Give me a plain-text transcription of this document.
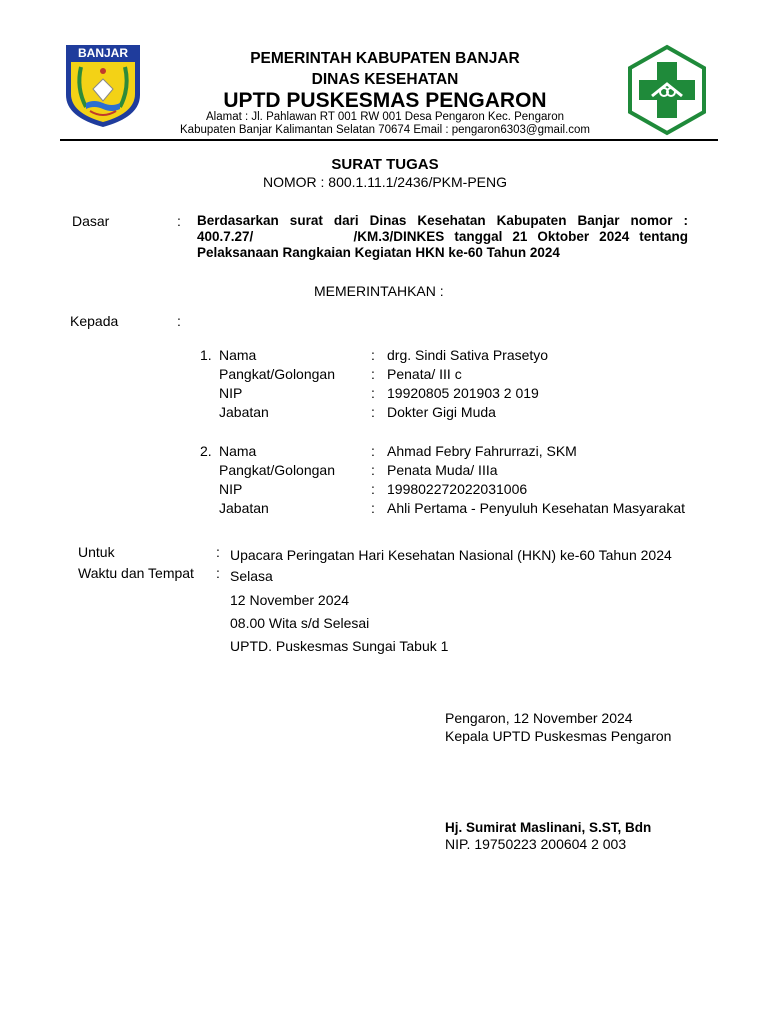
BANJAR	PEMERINTAH KABUPATEN BANJAR
DINAS KESEHATAN
UPTD PUSKESMAS PENGARON
Alamat : Jl. Pahlawan RT 001 RW 001 Desa Pengaron Kec. Pengaron
Kabupaten Banjar Kalimantan Selatan 70674 Email : pengaron6303@gmail.com
SURAT TUGAS
NOMOR : 800.1.11.1/2436/PKM-PENG
Dasar	: Berdasarkan surat dari Dinas Kesehatan Kabupaten Banjar nomor :
400.7.27/          /KM.3/DINKES tanggal 21 Oktober 2024 tentang
Pelaksanaan Rangkaian Kegiatan HKN ke-60 Tahun 2024
MEMERINTAHKAN :
Kepada	:
1. Nama	: drg. Sindi Sativa Prasetyo
Pangkat/Golongan	: Penata/ III c
NIP	: 19920805 201903 2 019
Jabatan	: Dokter Gigi Muda
2. Nama	: Ahmad Febry Fahrurrazi, SKM
Pangkat/Golongan	: Penata Muda/ IIIa
NIP	: 199802272022031006
Jabatan	: Ahli Pertama - Penyuluh Kesehatan Masyarakat
Untuk	: Upacara Peringatan Hari Kesehatan Nasional (HKN) ke-60 Tahun 2024
Waktu dan Tempat : Selasa
12 November 2024
08.00 Wita s/d Selesai
UPTD. Puskesmas Sungai Tabuk 1
Pengaron, 12 November 2024
Kepala UPTD Puskesmas Pengaron
Hj. Sumirat Maslinani, S.ST, Bdn
NIP. 19750223 200604 2 003
